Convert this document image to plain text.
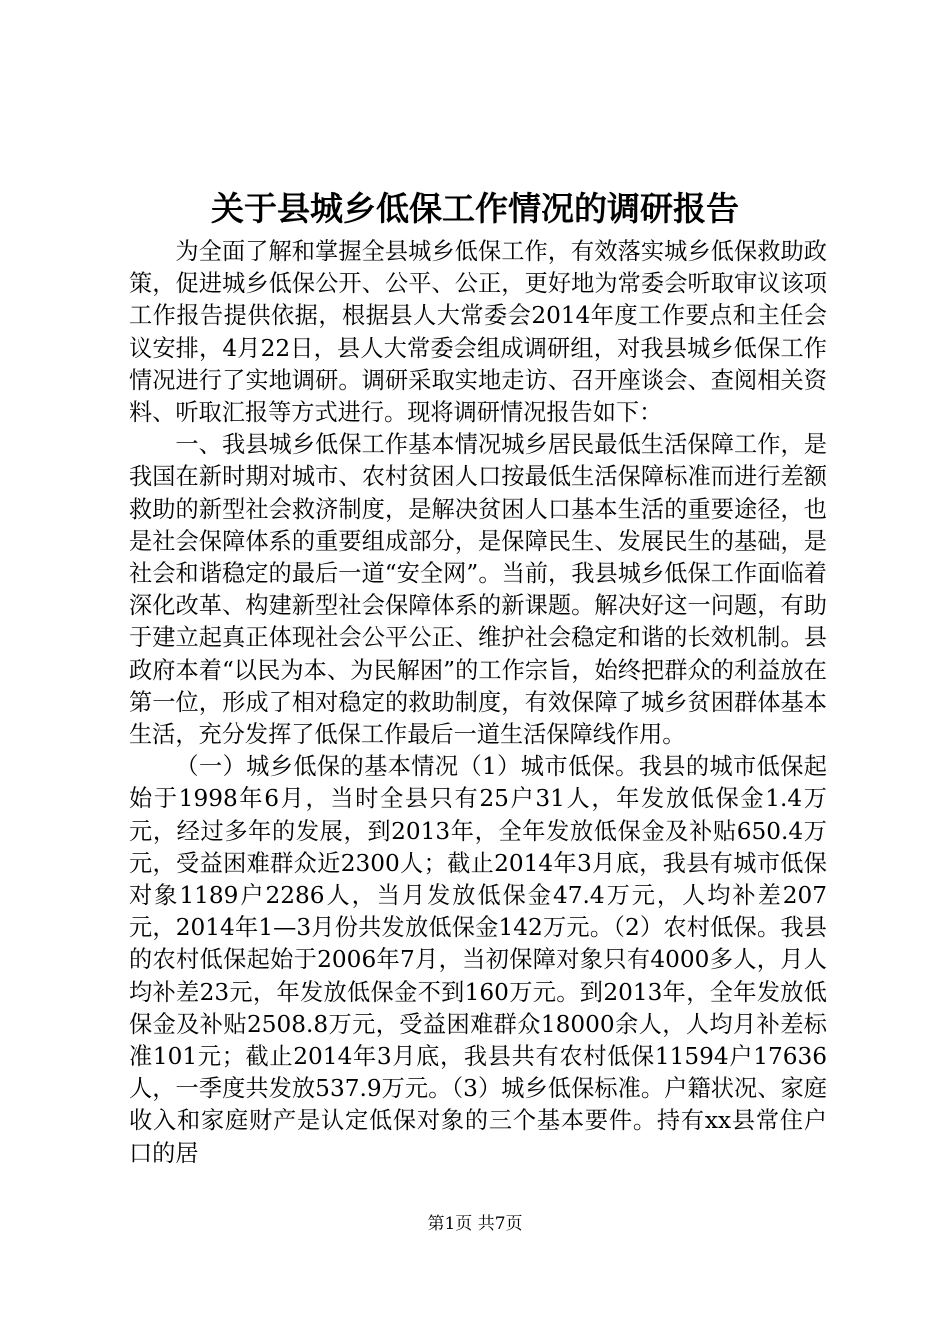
关于县城乡低保工作情况的调研报告

为全面了解和掌握全县城乡低保工作，有效落实城乡低保救助政策，促进城乡低保公开、公平、公正，更好地为常委会听取审议该项工作报告提供依据，根据县人大常委会2014年度工作要点和主任会议安排，4月22日，县人大常委会组成调研组，对我县城乡低保工作情况进行了实地调研。调研采取实地走访、召开座谈会、查阅相关资料、听取汇报等方式进行。现将调研情况报告如下：

一、我县城乡低保工作基本情况城乡居民最低生活保障工作，是我国在新时期对城市、农村贫困人口按最低生活保障标准而进行差额救助的新型社会救济制度，是解决贫困人口基本生活的重要途径，也是社会保障体系的重要组成部分，是保障民生、发展民生的基础，是社会和谐稳定的最后一道“安全网”。当前，我县城乡低保工作面临着深化改革、构建新型社会保障体系的新课题。解决好这一问题，有助于建立起真正体现社会公平公正、维护社会稳定和谐的长效机制。县政府本着“以民为本、为民解困”的工作宗旨，始终把群众的利益放在第一位，形成了相对稳定的救助制度，有效保障了城乡贫困群体基本生活，充分发挥了低保工作最后一道生活保障线作用。

（一）城乡低保的基本情况（1）城市低保。我县的城市低保起始于1998年6月，当时全县只有25户31人，年发放低保金1.4万元，经过多年的发展，到2013年，全年发放低保金及补贴650.4万元，受益困难群众近2300人；截止2014年3月底，我县有城市低保对象1189户2286人，当月发放低保金47.4万元，人均补差207元，2014年1—3月份共发放低保金142万元。（2）农村低保。我县的农村低保起始于2006年7月，当初保障对象只有4000多人，月人均补差23元，年发放低保金不到160万元。到2013年，全年发放低保金及补贴2508.8万元，受益困难群众18000余人，人均月补差标准101元；截止2014年3月底，我县共有农村低保11594户17636人，一季度共发放537.9万元。（3）城乡低保标准。户籍状况、家庭收入和家庭财产是认定低保对象的三个基本要件。持有xx县常住户口的居

第1页 共7页
